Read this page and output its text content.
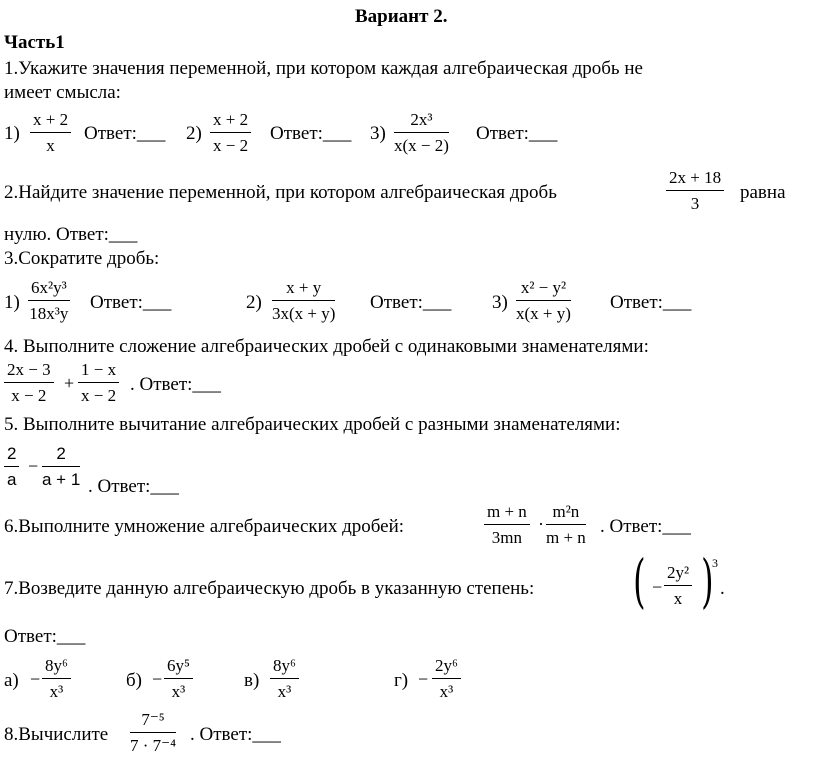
Вариант 2.
Часть1
1.Укажите значения переменной, при котором каждая алгебраическая дробь не
имеет смысла:
$1) \frac{x + 2}{x}$ Ответ:___ $2) \frac{x + 2}{x - 2}$ Ответ:___ $3) \frac{\text{2x³}}{x(x - 2)}$ Ответ:___
2.Найдите значение переменной, при котором алгебраическая дробь	$\frac{2x + 18}{3}$ равна
нулю. Ответ:___
3.Сократите дробь:
$1) \frac{\text{6x²y³}}{\text{18x³y}}$ Ответ:___	$2) \frac{x + y}{3x(x + y)}$ Ответ:___ $3) \frac{\text{x² − y²}}{x(x + y)}$ Ответ:___
4. Выполните сложение алгебраических дробей с одинаковыми знаменателями:
$\frac{2x - 3}{x - 2} + \frac{1 - x}{x - 2}$ . Ответ:___
5. Выполните вычитание алгебраических дробей с разными знаменателями:
$\frac{2}{a} - \frac{2}{a + 1}$ . Ответ:___
6.Выполните умножение алгебраических дробей:	$\frac{m + n}{3mn} \cdot \frac{\text{m²n}}{m + n}$ . Ответ:___
7.Возведите данную алгебраическую дробь в указанную степень: ( − $\frac{\text{2y²}}{x}$ )
3
.
Ответ:___
$а) - \frac{\text{8y⁶}}{\text{x³}}$	$б) - \frac{\text{6y⁵}}{\text{x³}}$	$в) \frac{\text{8y⁶}}{\text{x³}}$	$г) - \frac{\text{2y⁶}}{\text{x³}}$
8.Вычислите $\frac{\text{7⁻⁵}}{\text{7 · 7⁻⁴}}$ . Ответ:___
